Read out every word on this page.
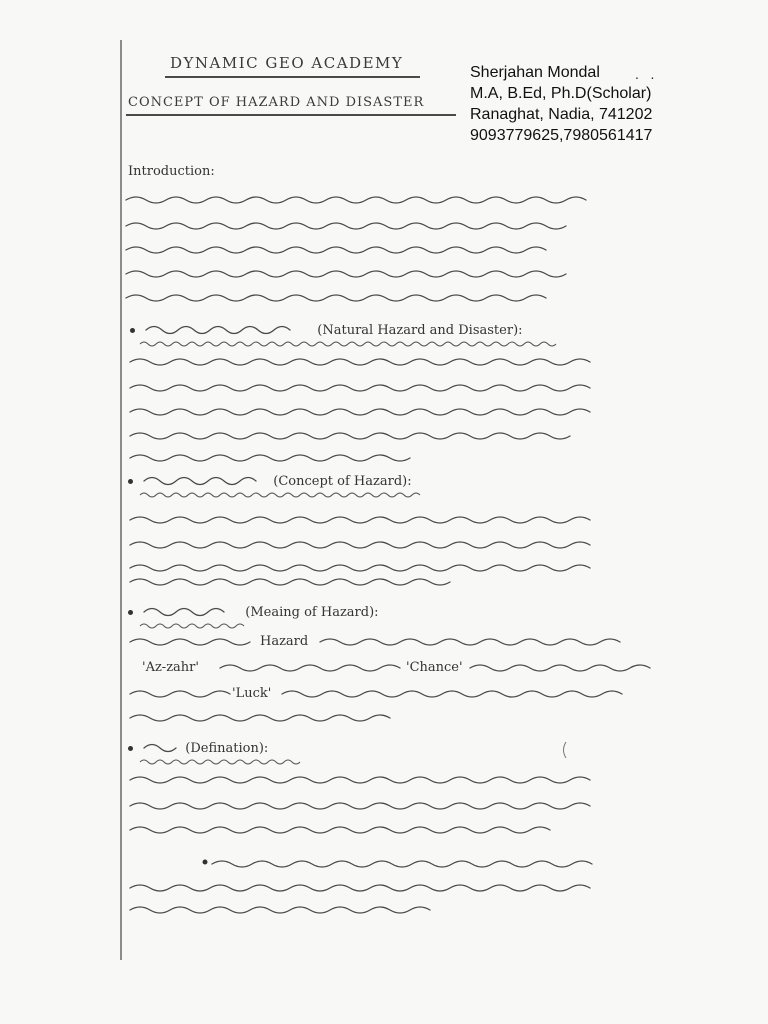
DYNAMIC GEO ACADEMY
CONCEPT OF HAZARD AND DISASTER
Sherjahan Mondal
M.A, B.Ed, Ph.D(Scholar)
Ranaghat, Nadia, 741202
9093779625,7980561417
.   .
Introduction:
(Natural Hazard and Disaster):
(Concept of Hazard):
(Meaing of Hazard):
(Defination):
Hazard
'Az-zahr'	'Chance'
'Luck'
